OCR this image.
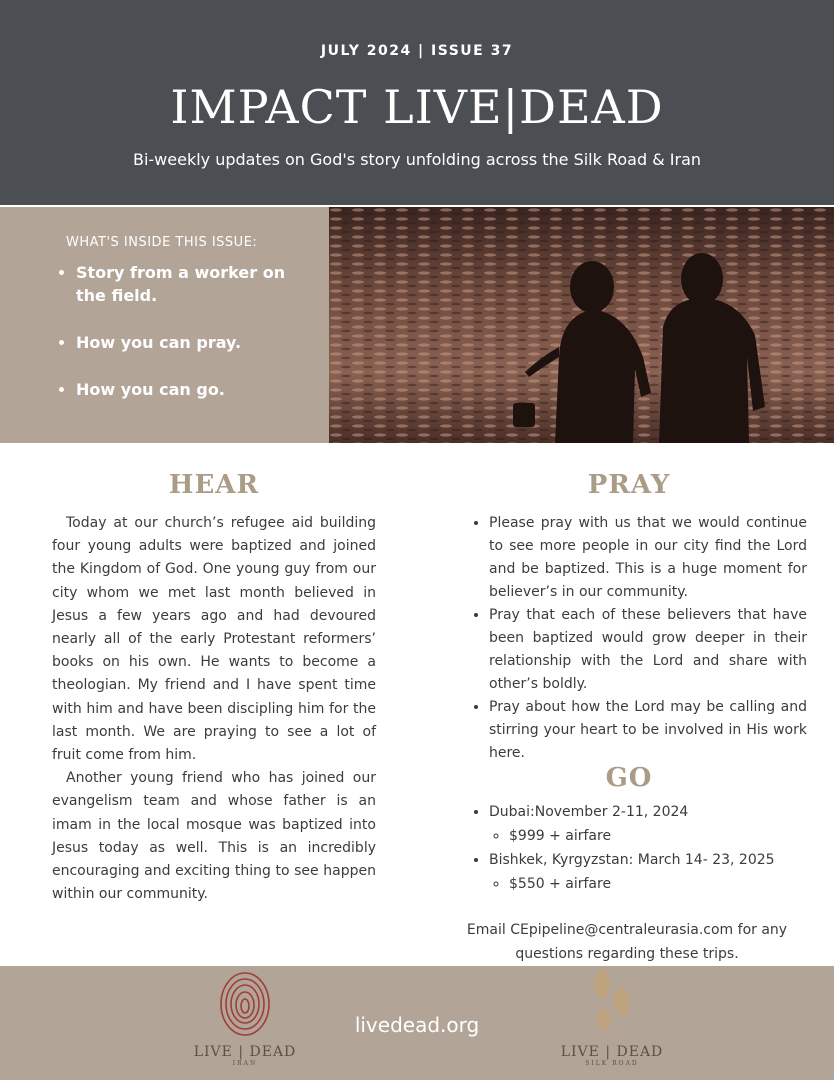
JULY 2024 | ISSUE 37
IMPACT LIVE|DEAD
Bi-weekly updates on God's story unfolding across the Silk Road & Iran
WHAT'S INSIDE THIS ISSUE:
• Story from a worker on the field.
• How you can pray.
• How you can go.
HEAR

Today at our church’s refugee aid building four young adults were baptized and joined the Kingdom of God. One young guy from our city whom we met last month believed in Jesus a few years ago and had devoured nearly all of the early Protestant reformers’ books on his own. He wants to become a theologian. My friend and I have spent time with him and have been discipling him for the last month. We are praying to see a lot of fruit come from him.

Another young friend who has joined our evangelism team and whose father is an imam in the local mosque was baptized into Jesus today as well. This is an incredibly encouraging and exciting thing to see happen within our community.

PRAY
• Please pray with us that we would continue to see more people in our city find the Lord and be baptized. This is a huge moment for believer’s in our community.
• Pray that each of these believers that have been baptized would grow deeper in their relationship with the Lord and share with other’s boldly.
• Pray about how the Lord may be calling and stirring your heart to be involved in His work here.
GO
• Dubai:November 2-11, 2024
◦ $999 + airfare
• Bishkek, Kyrgyzstan: March 14- 23, 2025
◦ $550 + airfare
Email CEpipeline@centraleurasia.com for any questions regarding these trips.
LIVE | DEAD
IRAN
livedead.org
LIVE | DEAD
SILK ROAD
